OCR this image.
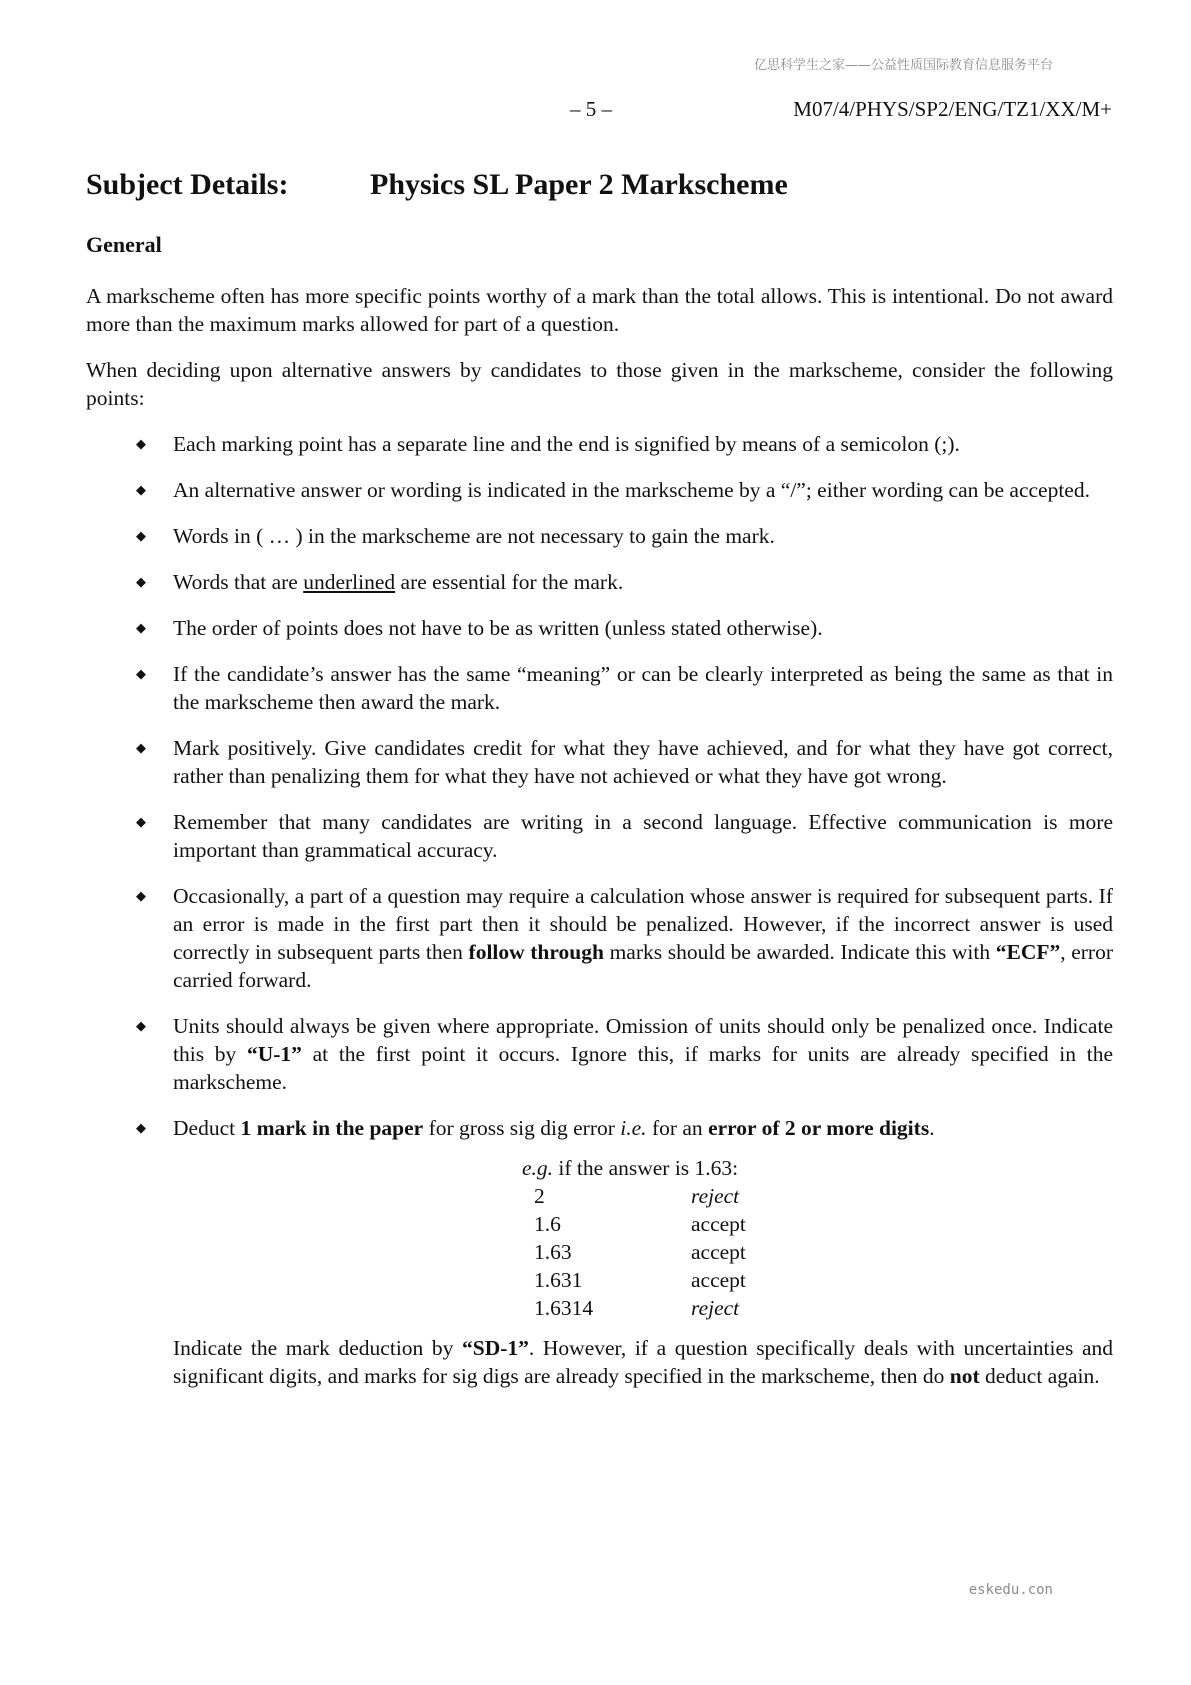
亿思科学生之家——公益性质国际教育信息服务平台
– 5 –	M07/4/PHYS/SP2/ENG/TZ1/XX/M+
Subject Details:	Physics SL Paper 2 Markscheme
General

A markscheme often has more specific points worthy of a mark than the total allows. This is intentional. Do not award more than the maximum marks allowed for part of a question.

When deciding upon alternative answers by candidates to those given in the markscheme, consider the following points:

◆ Each marking point has a separate line and the end is signified by means of a semicolon (;).
◆ An alternative answer or wording is indicated in the markscheme by a “/”; either wording can be accepted.
◆ Words in ( … ) in the markscheme are not necessary to gain the mark.
◆ Words that are underlined are essential for the mark.
◆ The order of points does not have to be as written (unless stated otherwise).
◆ If the candidate’s answer has the same “meaning” or can be clearly interpreted as being the same as that in the markscheme then award the mark.
◆ Mark positively. Give candidates credit for what they have achieved, and for what they have got correct, rather than penalizing them for what they have not achieved or what they have got wrong.
◆ Remember that many candidates are writing in a second language. Effective communication is more important than grammatical accuracy.
◆ Occasionally, a part of a question may require a calculation whose answer is required for subsequent parts. If an error is made in the first part then it should be penalized. However, if the incorrect answer is used correctly in subsequent parts then follow through marks should be awarded. Indicate this with “ECF”, error carried forward.
◆ Units should always be given where appropriate. Omission of units should only be penalized once. Indicate this by “U-1” at the first point it occurs. Ignore this, if marks for units are already specified in the markscheme.
◆ Deduct 1 mark in the paper for gross sig dig error i.e. for an error of 2 or more digits.
e.g. if the answer is 1.63:
2	reject
1.6	accept
1.63	accept
1.631	accept
1.6314	reject

Indicate the mark deduction by “SD-1”. However, if a question specifically deals with uncertainties and significant digits, and marks for sig digs are already specified in the markscheme, then do not deduct again.

eskedu.con
